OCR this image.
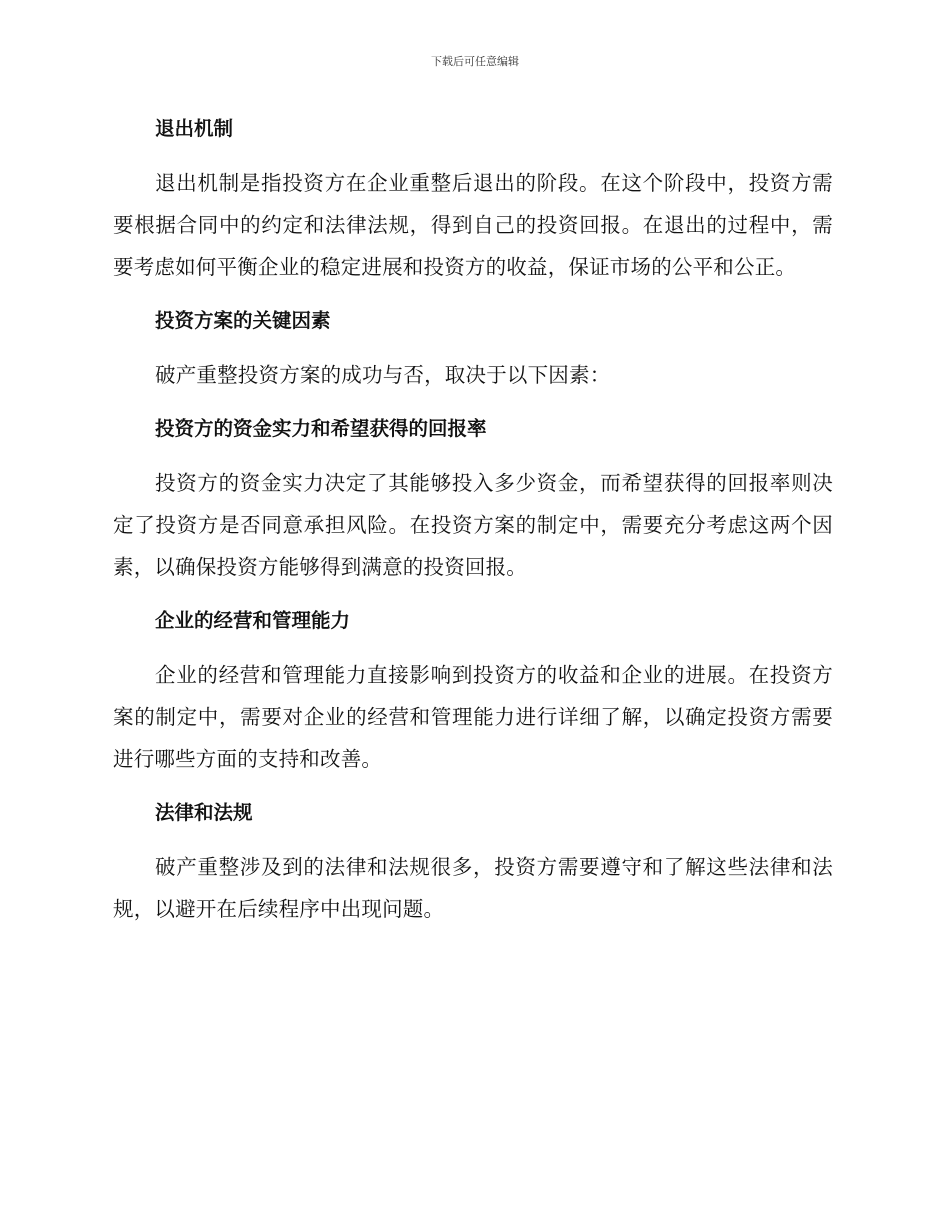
下载后可任意编辑
退出机制

退出机制是指投资方在企业重整后退出的阶段。在这个阶段中，投资方需要根据合同中的约定和法律法规，得到自己的投资回报。在退出的过程中，需要考虑如何平衡企业的稳定进展和投资方的收益，保证市场的公平和公正。

投资方案的关键因素

破产重整投资方案的成功与否，取决于以下因素：

投资方的资金实力和希望获得的回报率

投资方的资金实力决定了其能够投入多少资金，而希望获得的回报率则决定了投资方是否同意承担风险。在投资方案的制定中，需要充分考虑这两个因素，以确保投资方能够得到满意的投资回报。

企业的经营和管理能力

企业的经营和管理能力直接影响到投资方的收益和企业的进展。在投资方案的制定中，需要对企业的经营和管理能力进行详细了解，以确定投资方需要进行哪些方面的支持和改善。

法律和法规

破产重整涉及到的法律和法规很多，投资方需要遵守和了解这些法律和法规，以避开在后续程序中出现问题。
